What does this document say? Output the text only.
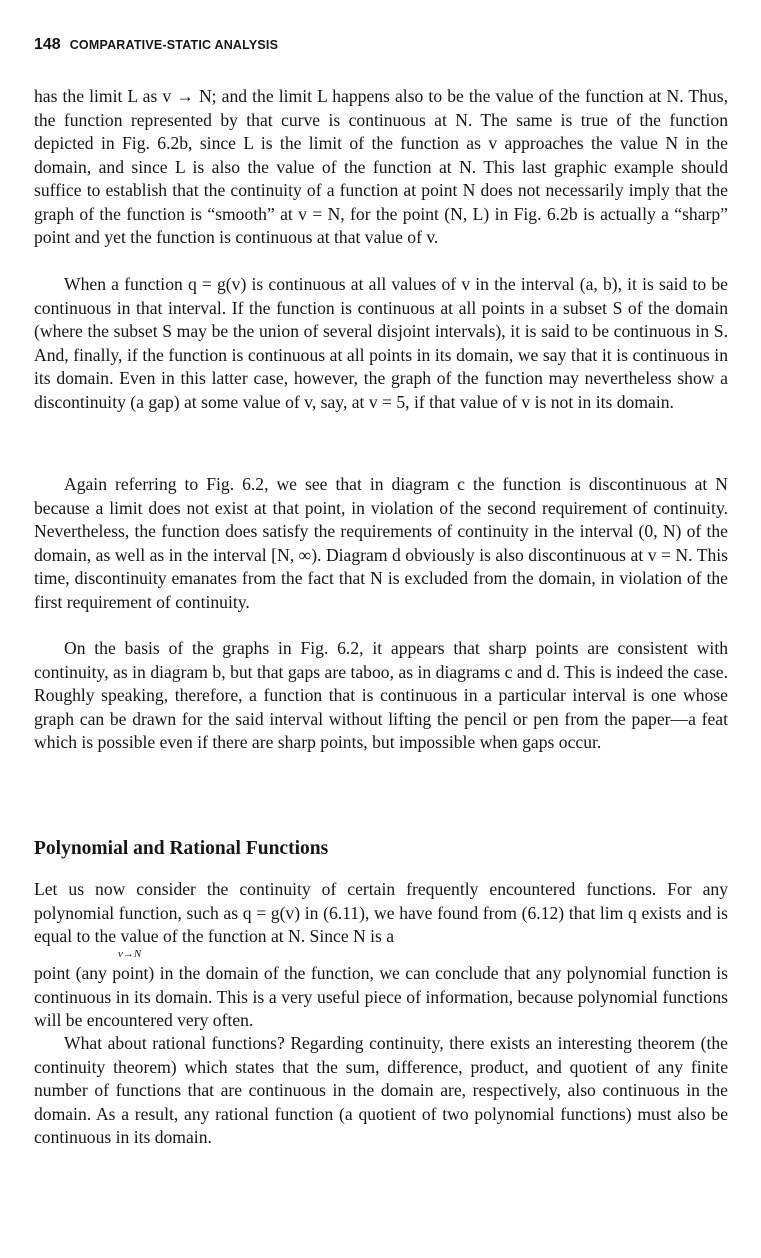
148 COMPARATIVE-STATIC ANALYSIS

has the limit L as v → N; and the limit L happens also to be the value of the function at N. Thus, the function represented by that curve is continuous at N. The same is true of the function depicted in Fig. 6.2b, since L is the limit of the function as v approaches the value N in the domain, and since L is also the value of the function at N. This last graphic example should suffice to establish that the continuity of a function at point N does not necessarily imply that the graph of the function is “smooth” at v = N, for the point (N, L) in Fig. 6.2b is actually a “sharp” point and yet the function is continuous at that value of v.

When a function q = g(v) is continuous at all values of v in the interval (a, b), it is said to be continuous in that interval. If the function is continuous at all points in a subset S of the domain (where the subset S may be the union of several disjoint intervals), it is said to be continuous in S. And, finally, if the function is continuous at all points in its domain, we say that it is continuous in its domain. Even in this latter case, however, the graph of the function may nevertheless show a discontinuity (a gap) at some value of v, say, at v = 5, if that value of v is not in its domain.

Again referring to Fig. 6.2, we see that in diagram c the function is discontinuous at N because a limit does not exist at that point, in violation of the second requirement of continuity. Nevertheless, the function does satisfy the requirements of continuity in the interval (0, N) of the domain, as well as in the interval [N, ∞). Diagram d obviously is also discontinuous at v = N. This time, discontinuity emanates from the fact that N is excluded from the domain, in violation of the first requirement of continuity.

On the basis of the graphs in Fig. 6.2, it appears that sharp points are consistent with continuity, as in diagram b, but that gaps are taboo, as in diagrams c and d. This is indeed the case. Roughly speaking, therefore, a function that is continuous in a particular interval is one whose graph can be drawn for the said interval without lifting the pencil or pen from the paper—a feat which is possible even if there are sharp points, but impossible when gaps occur.

Polynomial and Rational Functions

Let us now consider the continuity of certain frequently encountered functions. For any polynomial function, such as q = g(v) in (6.11), we have found from (6.12) that lim q exists and is equal to the value of the function at N. Since N is a

v→N

point (any point) in the domain of the function, we can conclude that any polynomial function is continuous in its domain. This is a very useful piece of information, because polynomial functions will be encountered very often.

What about rational functions? Regarding continuity, there exists an interesting theorem (the continuity theorem) which states that the sum, difference, product, and quotient of any finite number of functions that are continuous in the domain are, respectively, also continuous in the domain. As a result, any rational function (a quotient of two polynomial functions) must also be continuous in its domain.
